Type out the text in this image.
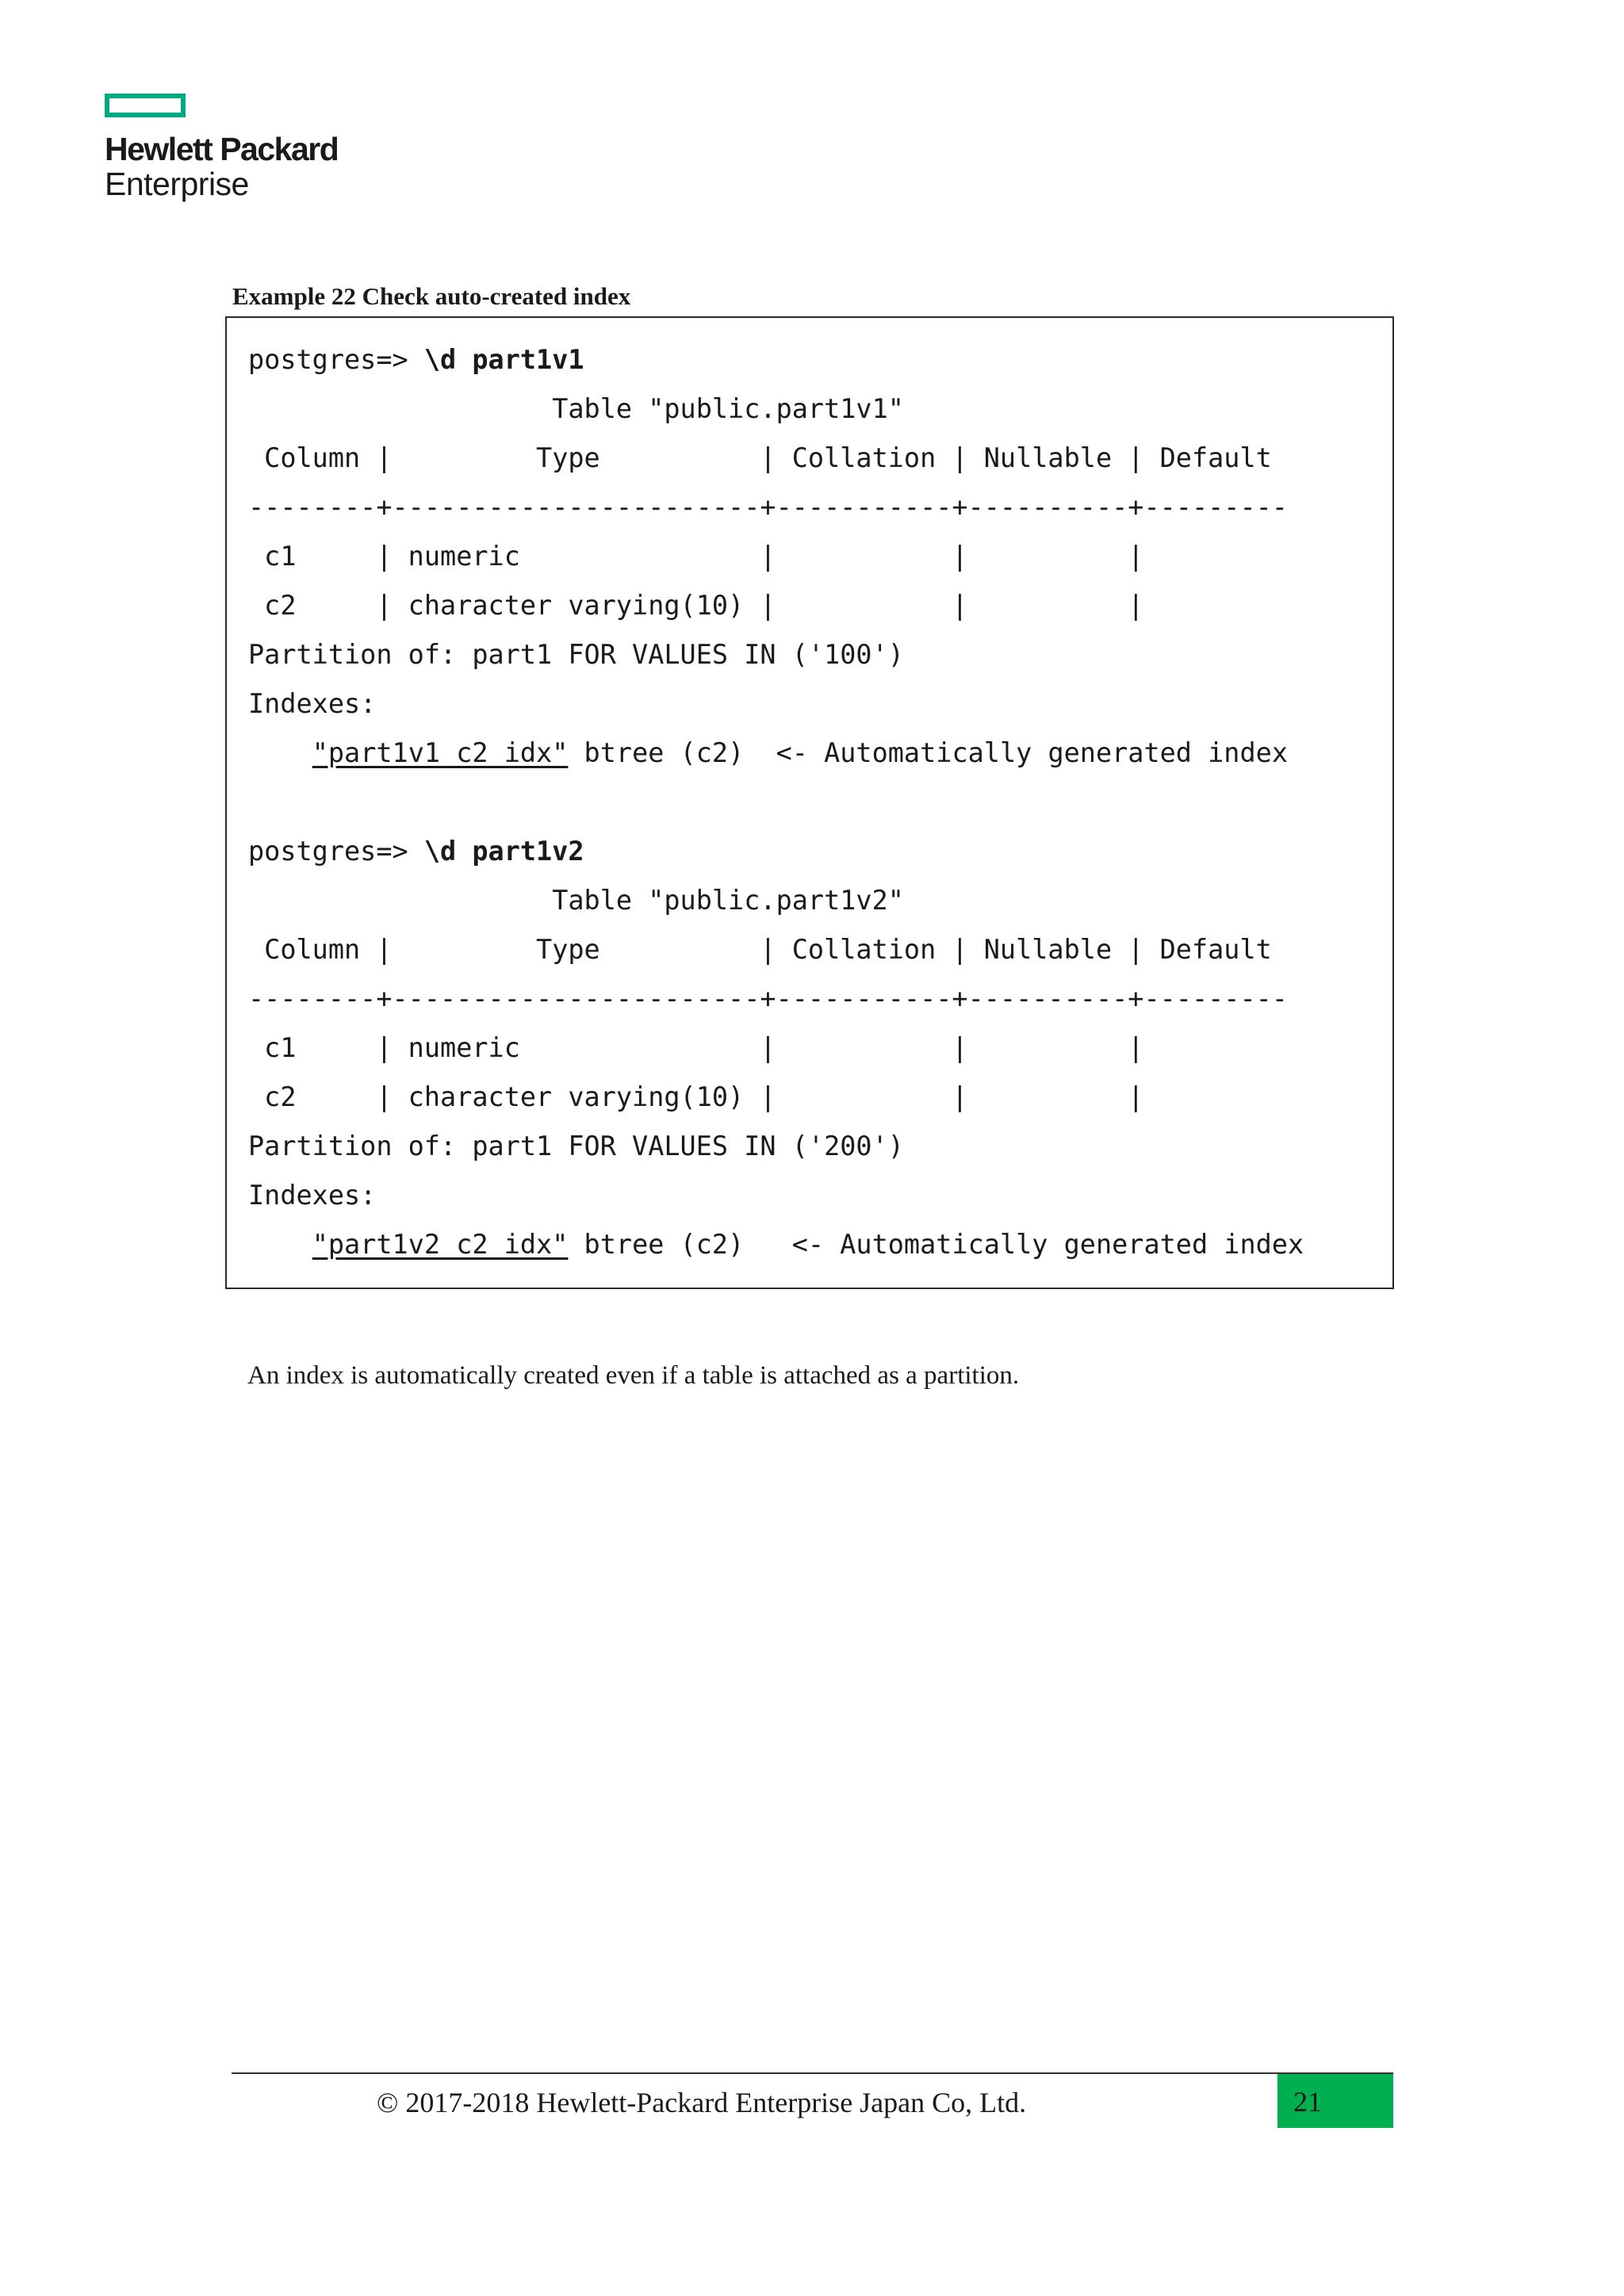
Hewlett Packard
Enterprise
Example 22 Check auto-created index
postgres=> \d part1v1
Table "public.part1v1"
Column |         Type          | Collation | Nullable | Default
--------+-----------------------+-----------+----------+---------
c1     | numeric               |           |          |
c2     | character varying(10) |           |          |
Partition of: part1 FOR VALUES IN ('100')
Indexes:
"part1v1_c2_idx" btree (c2)  <- Automatically generated index

postgres=> \d part1v2
Table "public.part1v2"
Column |         Type          | Collation | Nullable | Default
--------+-----------------------+-----------+----------+---------
c1     | numeric               |           |          |
c2     | character varying(10) |           |          |
Partition of: part1 FOR VALUES IN ('200')
Indexes:
"part1v2_c2_idx" btree (c2)   <- Automatically generated index
An index is automatically created even if a table is attached as a partition.
© 2017-2018 Hewlett-Packard Enterprise Japan Co, Ltd.	21
